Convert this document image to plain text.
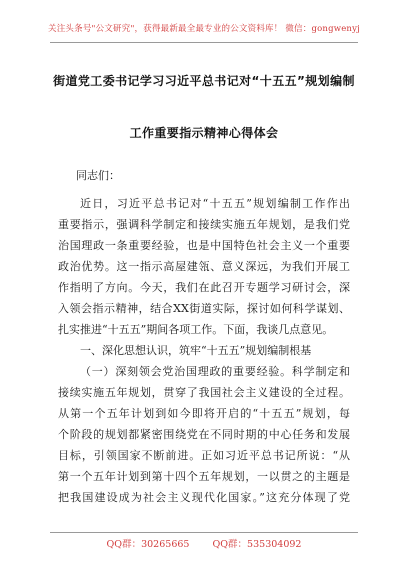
关注头条号"公文研究"，获得最新最全最专业的公文资料库！ 微信：gongwenyj
街道党工委书记学习习近平总书记对“十五五”规划编制
工作重要指示精神心得体会
同志们：
近日，习近平总书记对“十五五”规划编制工作作出
重要指示，强调科学制定和接续实施五年规划，是我们党
治国理政一条重要经验，也是中国特色社会主义一个重要
政治优势。这一指示高屋建瓴、意义深远，为我们开展工
作指明了方向。今天，我们在此召开专题学习研讨会，深
入领会指示精神，结合XX街道实际，探讨如何科学谋划、
扎实推进“十五五”期间各项工作。下面，我谈几点意见。
一、深化思想认识，筑牢“十五五”规划编制根基
（一）深刻领会党治国理政的重要经验。科学制定和
接续实施五年规划，贯穿了我国社会主义建设的全过程。
从第一个五年计划到如今即将开启的“十五五”规划，每
个阶段的规划都紧密围绕党在不同时期的中心任务和发展
目标，引领国家不断前进。正如习近平总书记所说：“从
第一个五年计划到第十四个五年规划，一以贯之的主题是
把我国建设成为社会主义现代化国家。”这充分体现了党
QQ群：30265665 QQ群：535304092
